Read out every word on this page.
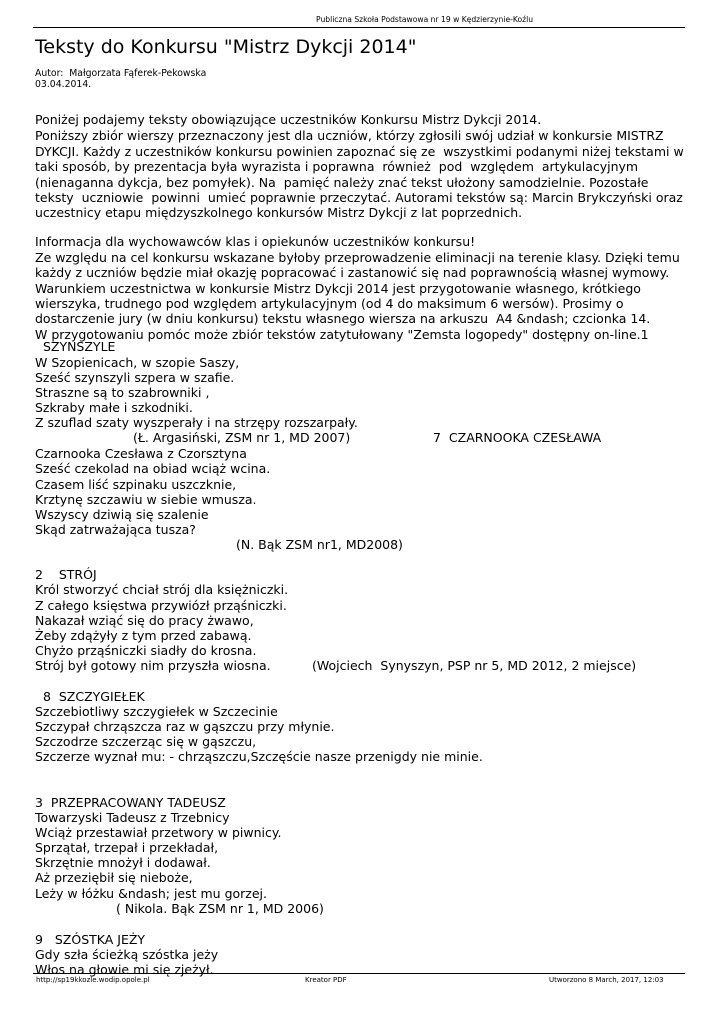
Publiczna Szkoła Podstawowa nr 19 w Kędzierzynie-Koźlu
Teksty do Konkursu "Mistrz Dykcji 2014"
Autor:  Małgorzata Fąferek-Pekowska
03.04.2014.
Poniżej podajemy teksty obowiązujące uczestników Konkursu Mistrz Dykcji 2014.
Poniższy zbiór wierszy przeznaczony jest dla uczniów, którzy zgłosili swój udział w konkursie MISTRZ
DYKCJI. Każdy z uczestników konkursu powinien zapoznać się ze  wszystkimi podanymi niżej tekstami w
taki sposób, by prezentacja była wyrazista i poprawna  również  pod  względem  artykulacyjnym
(nienaganna dykcja, bez pomyłek). Na  pamięć należy znać tekst ułożony samodzielnie. Pozostałe
teksty  uczniowie  powinni  umieć poprawnie przeczytać. Autorami tekstów są: Marcin Brykczyński oraz
uczestnicy etapu międzyszkolnego konkursów Mistrz Dykcji z lat poprzednich.
Informacja dla wychowawców klas i opiekunów uczestników konkursu!
Ze względu na cel konkursu wskazane byłoby przeprowadzenie eliminacji na terenie klasy. Dzięki temu
każdy z uczniów będzie miał okazję popracować i zastanowić się nad poprawnością własnej wymowy.
Warunkiem uczestnictwa w konkursie Mistrz Dykcji 2014 jest przygotowanie własnego, krótkiego
wierszyka, trudnego pod względem artykulacyjnym (od 4 do maksimum 6 wersów). Prosimy o
dostarczenie jury (w dniu konkursu) tekstu własnego wiersza na arkuszu  A4 &ndash; czcionka 14.
W przygotowaniu pomóc może zbiór tekstów zatytułowany "Zemsta logopedy" dostępny on-line.1
SZYNSZYLE
W Szopienicach, w szopie Saszy,
Sześć szynszyli szpera w szafie.
Straszne są to szabrowniki ,
Szkraby małe i szkodniki.
Z szuflad szaty wyszperały i na strzępy rozszarpały.
(Ł. Argasiński, ZSM nr 1, MD 2007)	7  CZARNOOKA CZESŁAWA
Czarnooka Czesława z Czorsztyna
Sześć czekolad na obiad wciąż wcina.
Czasem liść szpinaku uszczknie,
Krztynę szczawiu w siebie wmusza.
Wszyscy dziwią się szalenie
Skąd zatrważająca tusza?
(N. Bąk ZSM nr1, MD2008)
2    STRÓJ
Król stworzyć chciał strój dla księżniczki.
Z całego księstwa przywiózł prząśniczki.
Nakazał wziąć się do pracy żwawo,
Żeby zdążyły z tym przed zabawą.
Chyżo prząśniczki siadły do krosna.
Strój był gotowy nim przyszła wiosna.	(Wojciech  Synyszyn, PSP nr 5, MD 2012, 2 miejsce)
8  SZCZYGIEŁEK
Szczebiotliwy szczygiełek w Szczecinie
Szczypał chrząszcza raz w gąszczu przy młynie.
Szczodrze szczerząc się w gąszczu,
Szczerze wyznał mu: - chrząszczu,Szczęście nasze przenigdy nie minie.
3  PRZEPRACOWANY TADEUSZ
Towarzyski Tadeusz z Trzebnicy
Wciąż przestawiał przetwory w piwnicy.
Sprzątał, trzepał i przekładał,
Skrzętnie mnożył i dodawał.
Aż przeziębił się nieboże,
Leży w łóżku &ndash; jest mu gorzej.
( Nikola. Bąk ZSM nr 1, MD 2006)
9   SZÓSTKA JEŻY
Gdy szła ścieżką szóstka jeży
Włos na głowie mi się zjeżył.
http://sp19kkozle.wodip.opole.pl	Kreator PDF	Utworzono 8 March, 2017, 12:03
